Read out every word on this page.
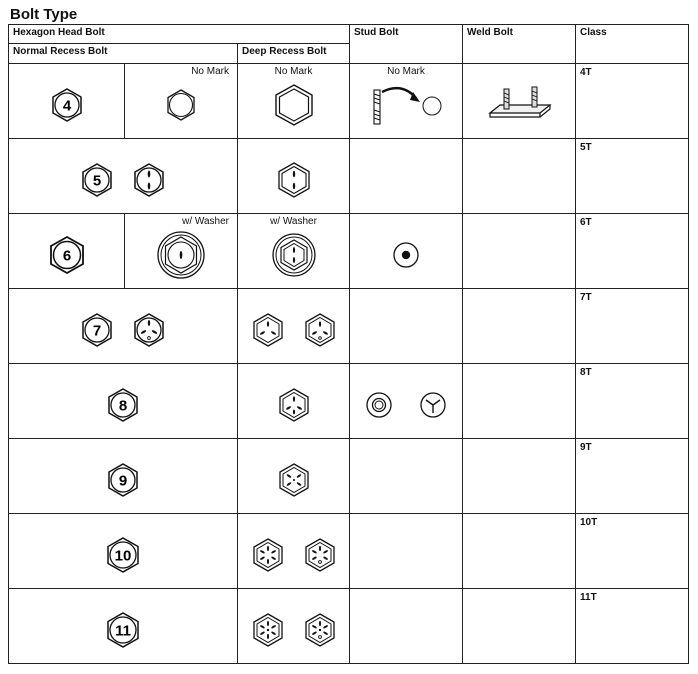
Bolt Type
Hexagon Head Bolt			Stud Bolt	Weld Bolt	Class
Normal Recess Bolt		Deep Recess Bolt			

4	No Mark	No Mark	No Mark		4T

5					5T

6	w/ Washer	w/ Washer			6T

7					7T

8					8T

9					9T

10					10T

11					11T
